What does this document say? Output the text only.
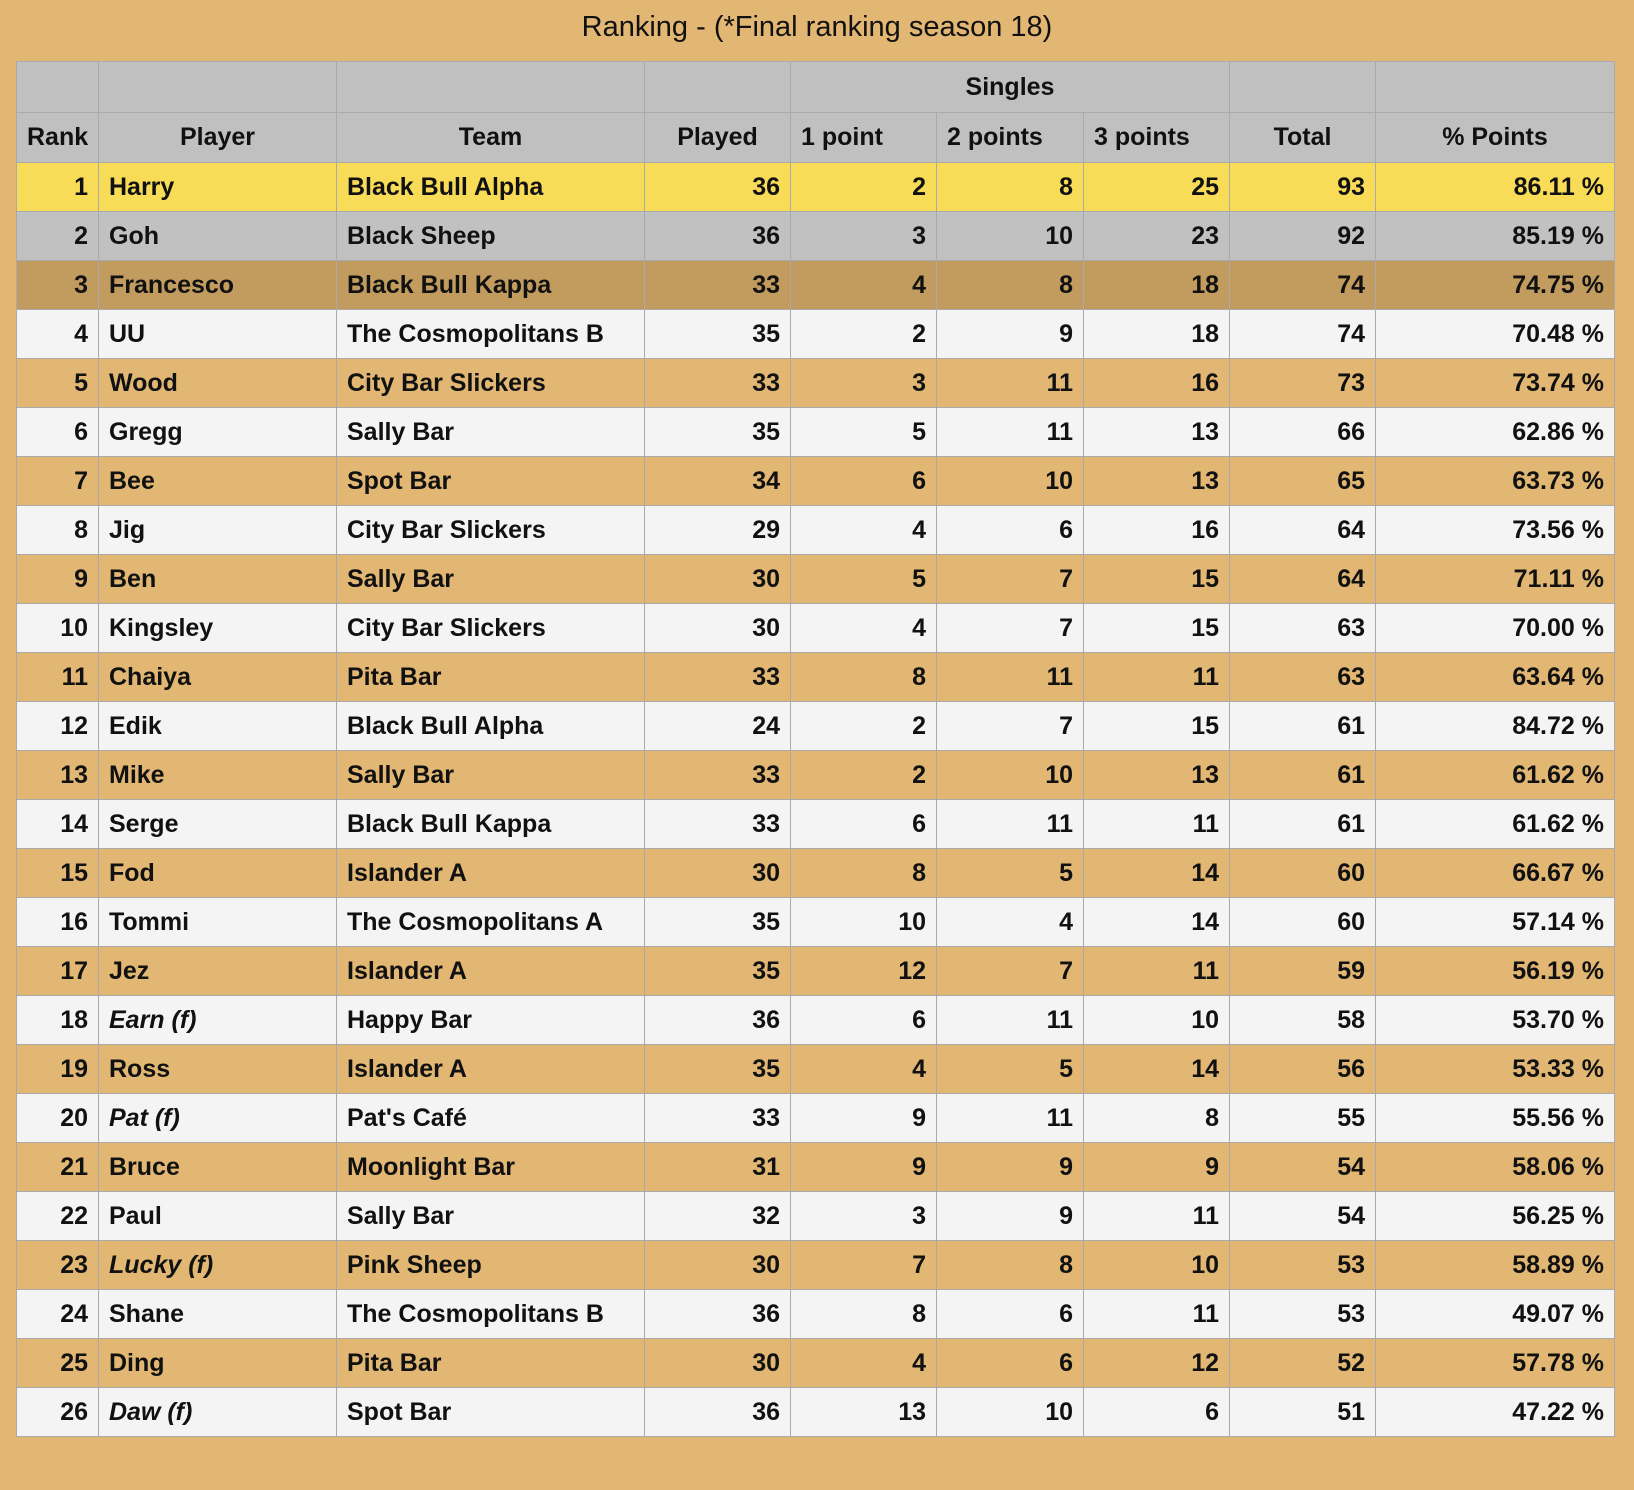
Ranking - (*Final ranking season 18)
				Singles				
Rank	Player	Team	Played	1 point	2 points	3 points	Total	% Points
1	Harry	Black Bull Alpha	36	2	8	25	93	86.11 %
2	Goh	Black Sheep	36	3	10	23	92	85.19 %
3	Francesco	Black Bull Kappa	33	4	8	18	74	74.75 %
4	UU	The Cosmopolitans B	35	2	9	18	74	70.48 %
5	Wood	City Bar Slickers	33	3	11	16	73	73.74 %
6	Gregg	Sally Bar	35	5	11	13	66	62.86 %
7	Bee	Spot Bar	34	6	10	13	65	63.73 %
8	Jig	City Bar Slickers	29	4	6	16	64	73.56 %
9	Ben	Sally Bar	30	5	7	15	64	71.11 %
10	Kingsley	City Bar Slickers	30	4	7	15	63	70.00 %
11	Chaiya	Pita Bar	33	8	11	11	63	63.64 %
12	Edik	Black Bull Alpha	24	2	7	15	61	84.72 %
13	Mike	Sally Bar	33	2	10	13	61	61.62 %
14	Serge	Black Bull Kappa	33	6	11	11	61	61.62 %
15	Fod	Islander A	30	8	5	14	60	66.67 %
16	Tommi	The Cosmopolitans A	35	10	4	14	60	57.14 %
17	Jez	Islander A	35	12	7	11	59	56.19 %
18	Earn (f)	Happy Bar	36	6	11	10	58	53.70 %
19	Ross	Islander A	35	4	5	14	56	53.33 %
20	Pat (f)	Pat's Café	33	9	11	8	55	55.56 %
21	Bruce	Moonlight Bar	31	9	9	9	54	58.06 %
22	Paul	Sally Bar	32	3	9	11	54	56.25 %
23	Lucky (f)	Pink Sheep	30	7	8	10	53	58.89 %
24	Shane	The Cosmopolitans B	36	8	6	11	53	49.07 %
25	Ding	Pita Bar	30	4	6	12	52	57.78 %
26	Daw (f)	Spot Bar	36	13	10	6	51	47.22 %
